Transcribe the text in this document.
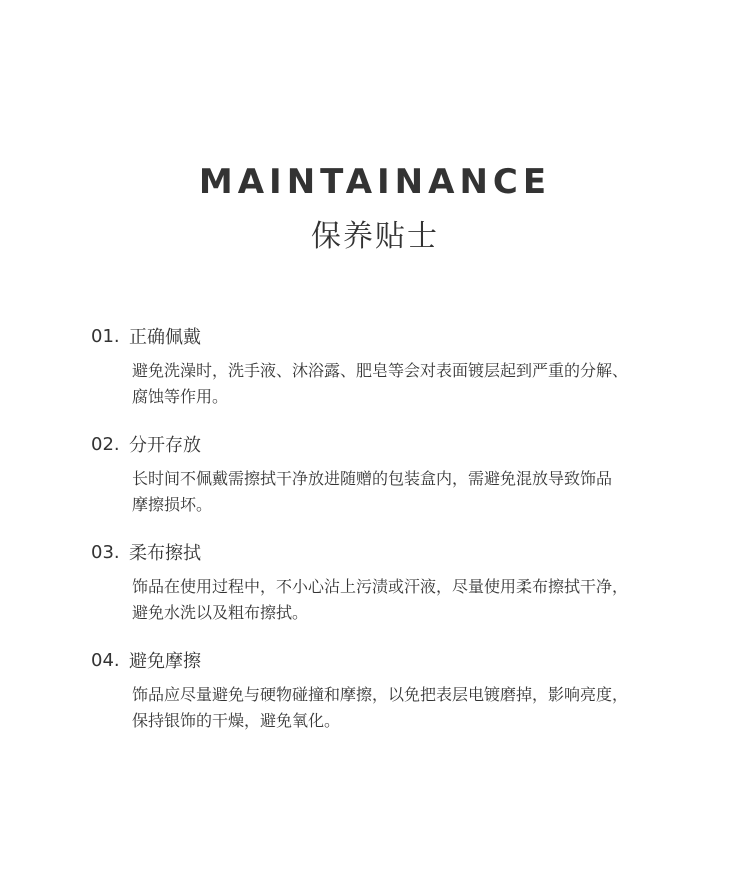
MAINTAINANCE
保养贴士
01. 正确佩戴
避免洗澡时，洗手液、沐浴露、肥皂等会对表面镀层起到严重的分解、
腐蚀等作用。
02. 分开存放
长时间不佩戴需擦拭干净放进随赠的包装盒内，需避免混放导致饰品
摩擦损坏。
03. 柔布擦拭
饰品在使用过程中，不小心沾上污渍或汗液，尽量使用柔布擦拭干净，
避免水洗以及粗布擦拭。
04. 避免摩擦
饰品应尽量避免与硬物碰撞和摩擦，以免把表层电镀磨掉，影响亮度，
保持银饰的干燥，避免氧化。
